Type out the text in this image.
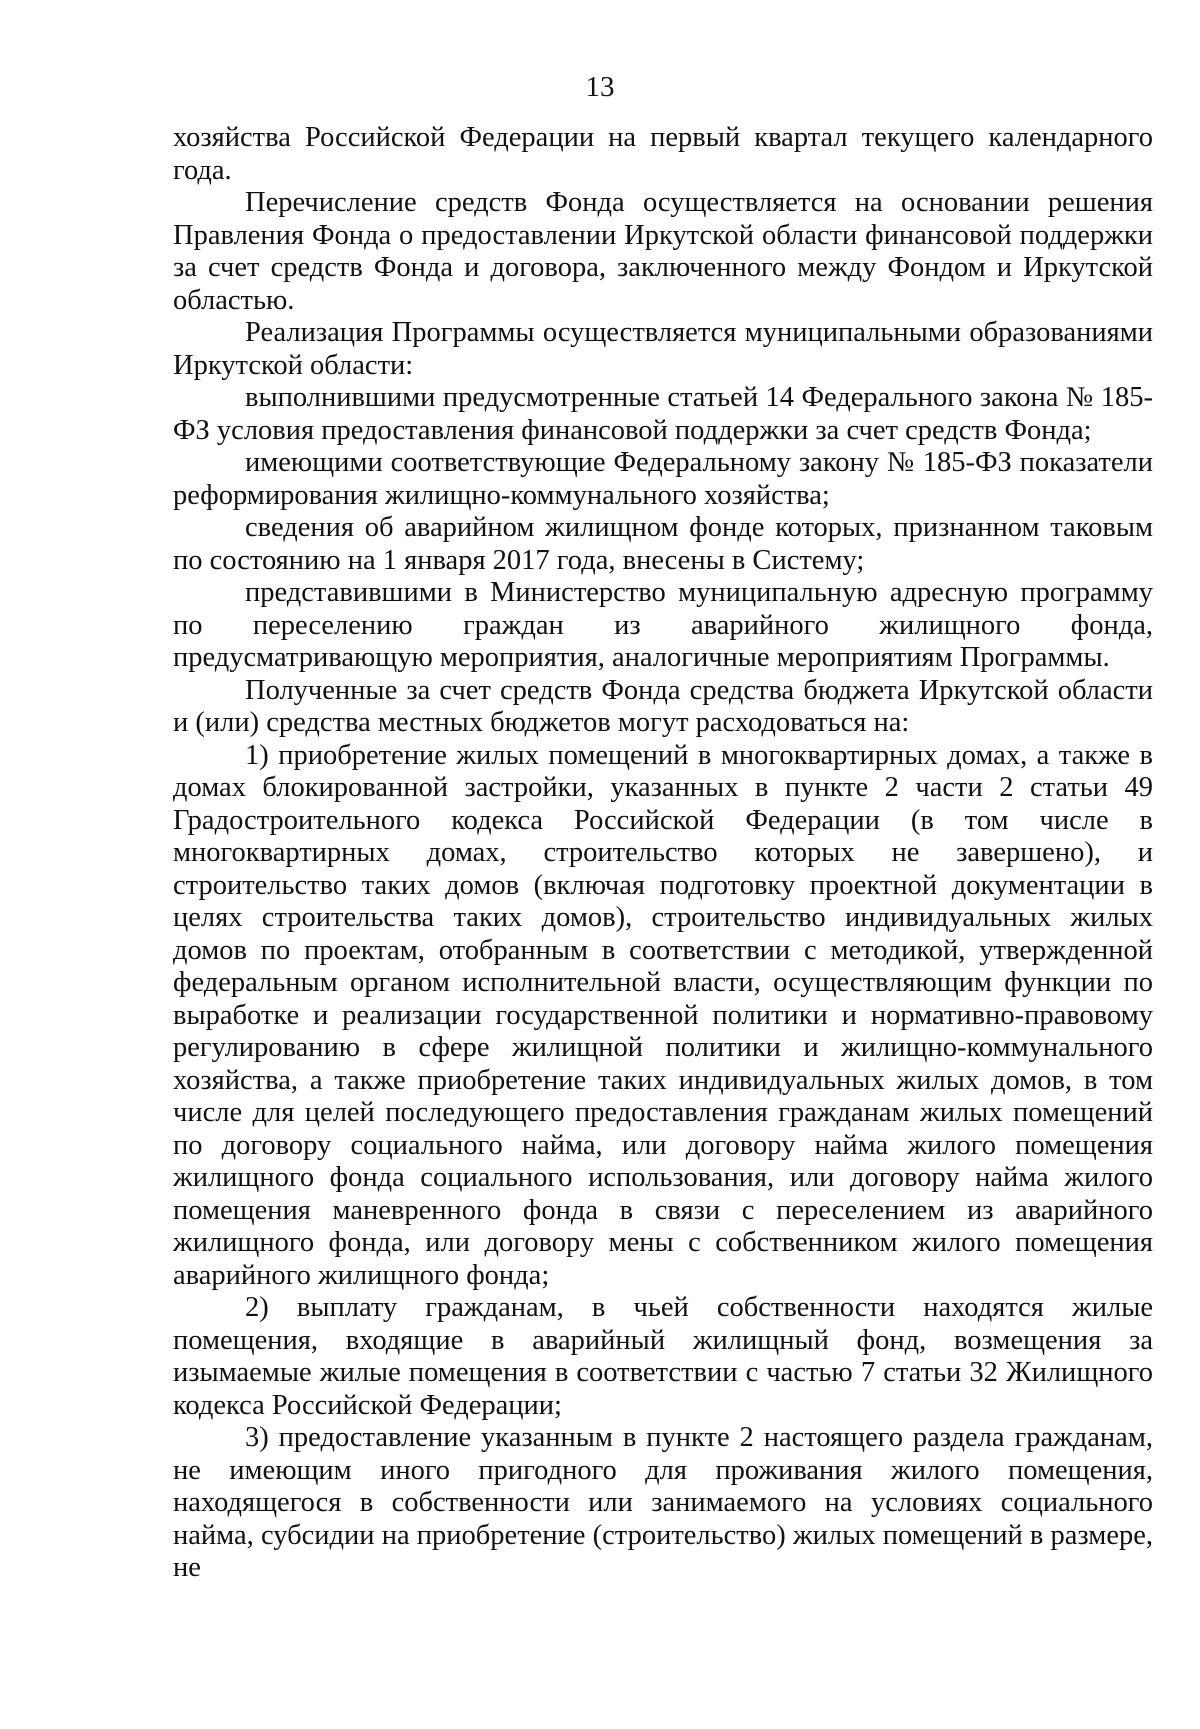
13

хозяйства Российской Федерации на первый квартал текущего календарного года.

Перечисление средств Фонда осуществляется на основании решения Правления Фонда о предоставлении Иркутской области финансовой поддержки за счет средств Фонда и договора, заключенного между Фондом и Иркутской областью.

Реализация Программы осуществляется муниципальными образованиями Иркутской области:

выполнившими предусмотренные статьей 14 Федерального закона № 185-ФЗ условия предоставления финансовой поддержки за счет средств Фонда;

имеющими соответствующие Федеральному закону № 185-ФЗ показатели реформирования жилищно-коммунального хозяйства;

сведения об аварийном жилищном фонде которых, признанном таковым по состоянию на 1 января 2017 года, внесены в Систему;

представившими в Министерство муниципальную адресную программу по переселению граждан из аварийного жилищного фонда, предусматривающую мероприятия, аналогичные мероприятиям Программы.

Полученные за счет средств Фонда средства бюджета Иркутской области и (или) средства местных бюджетов могут расходоваться на:

1) приобретение жилых помещений в многоквартирных домах, а также в домах блокированной застройки, указанных в пункте 2 части 2 статьи 49 Градостроительного кодекса Российской Федерации (в том числе в многоквартирных домах, строительство которых не завершено), и строительство таких домов (включая подготовку проектной документации в целях строительства таких домов), строительство индивидуальных жилых домов по проектам, отобранным в соответствии с методикой, утвержденной федеральным органом исполнительной власти, осуществляющим функции по выработке и реализации государственной политики и нормативно-правовому регулированию в сфере жилищной политики и жилищно-коммунального хозяйства, а также приобретение таких индивидуальных жилых домов, в том числе для целей последующего предоставления гражданам жилых помещений по договору социального найма, или договору найма жилого помещения жилищного фонда социального использования, или договору найма жилого помещения маневренного фонда в связи с переселением из аварийного жилищного фонда, или договору мены с собственником жилого помещения аварийного жилищного фонда;

2) выплату гражданам, в чьей собственности находятся жилые помещения, входящие в аварийный жилищный фонд, возмещения за изымаемые жилые помещения в соответствии с частью 7 статьи 32 Жилищного кодекса Российской Федерации;

3) предоставление указанным в пункте 2 настоящего раздела гражданам, не имеющим иного пригодного для проживания жилого помещения, находящегося в собственности или занимаемого на условиях социального найма, субсидии на приобретение (строительство) жилых помещений в размере, не
